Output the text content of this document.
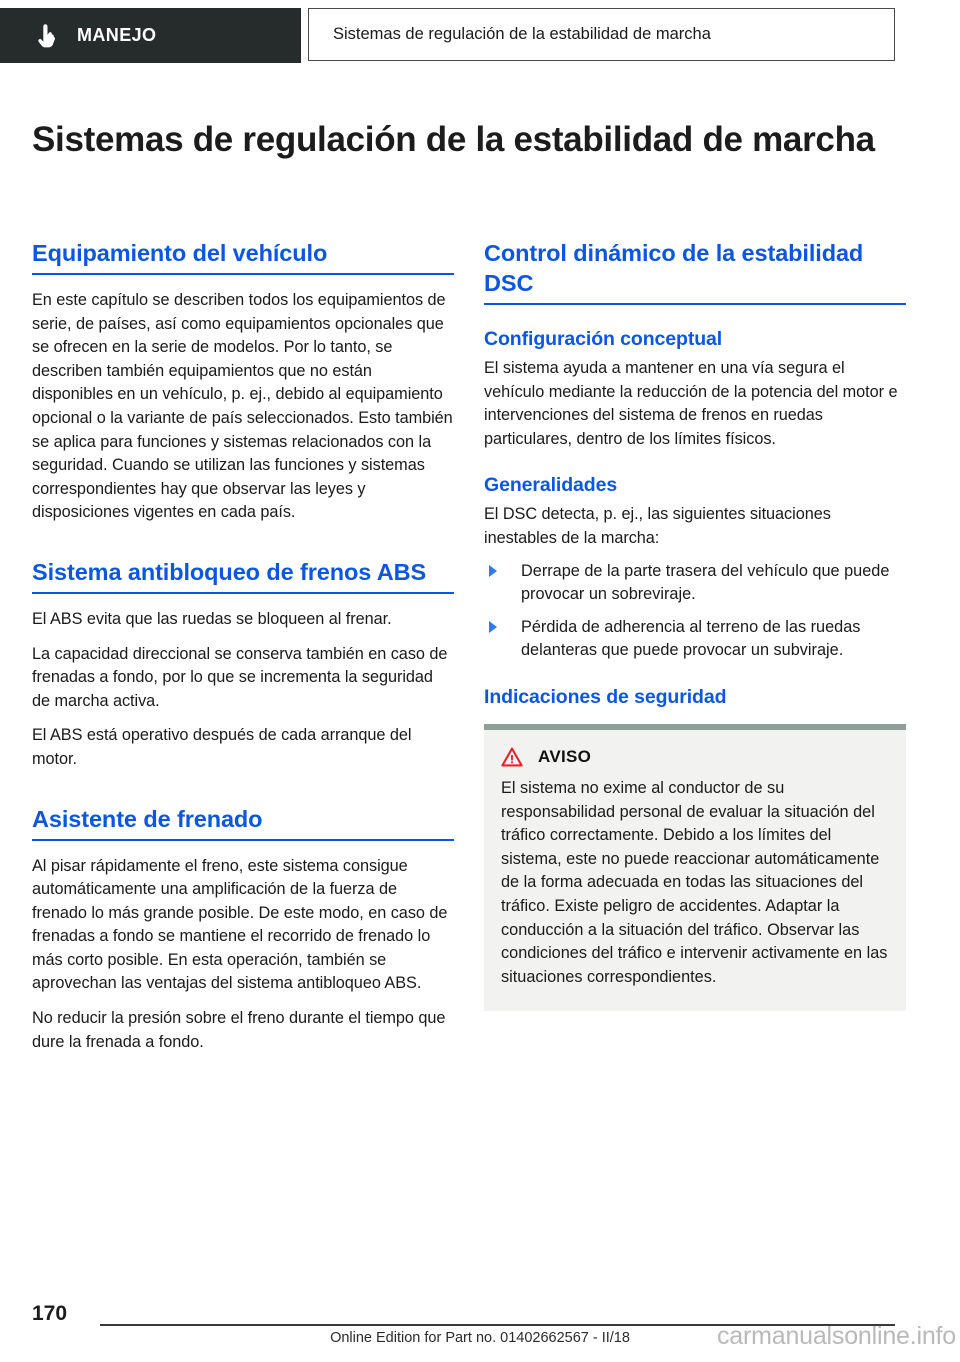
MANEJO	Sistemas de regulación de la estabilidad de marcha
Sistemas de regulación de la estabilidad de marcha
Equipamiento del vehículo

En este capítulo se describen todos los equipamientos de serie, de países, así como equipamientos opcionales que se ofrecen en la serie de modelos. Por lo tanto, se describen también equipamientos que no están disponibles en un vehículo, p. ej., debido al equipamiento opcional o la variante de país seleccionados. Esto también se aplica para funciones y sistemas relacionados con la seguridad. Cuando se utilizan las funciones y sistemas correspondientes hay que observar las leyes y disposiciones vigentes en cada país.

Sistema antibloqueo de frenos ABS

El ABS evita que las ruedas se bloqueen al frenar.

La capacidad direccional se conserva también en caso de frenadas a fondo, por lo que se incrementa la seguridad de marcha activa.

El ABS está operativo después de cada arranque del motor.

Asistente de frenado

Al pisar rápidamente el freno, este sistema consigue automáticamente una amplificación de la fuerza de frenado lo más grande posible. De este modo, en caso de frenadas a fondo se mantiene el recorrido de frenado lo más corto posible. En esta operación, también se aprovechan las ventajas del sistema antibloqueo ABS.

No reducir la presión sobre el freno durante el tiempo que dure la frenada a fondo.

Control dinámico de la estabilidad DSC
Configuración conceptual

El sistema ayuda a mantener en una vía segura el vehículo mediante la reducción de la potencia del motor e intervenciones del sistema de frenos en ruedas particulares, dentro de los límites físicos.

Generalidades

El DSC detecta, p. ej., las siguientes situaciones inestables de la marcha:

Derrape de la parte trasera del vehículo que puede provocar un sobreviraje.
Pérdida de adherencia al terreno de las ruedas delanteras que puede provocar un subviraje.
Indicaciones de seguridad
AVISO

El sistema no exime al conductor de su responsabilidad personal de evaluar la situación del tráfico correctamente. Debido a los límites del sistema, este no puede reaccionar automáticamente de la forma adecuada en todas las situaciones del tráfico. Existe peligro de accidentes. Adaptar la conducción a la situación del tráfico. Observar las condiciones del tráfico e intervenir activamente en las situaciones correspondientes.

170
Online Edition for Part no. 01402662567 - II/18	carmanualsonline.info
